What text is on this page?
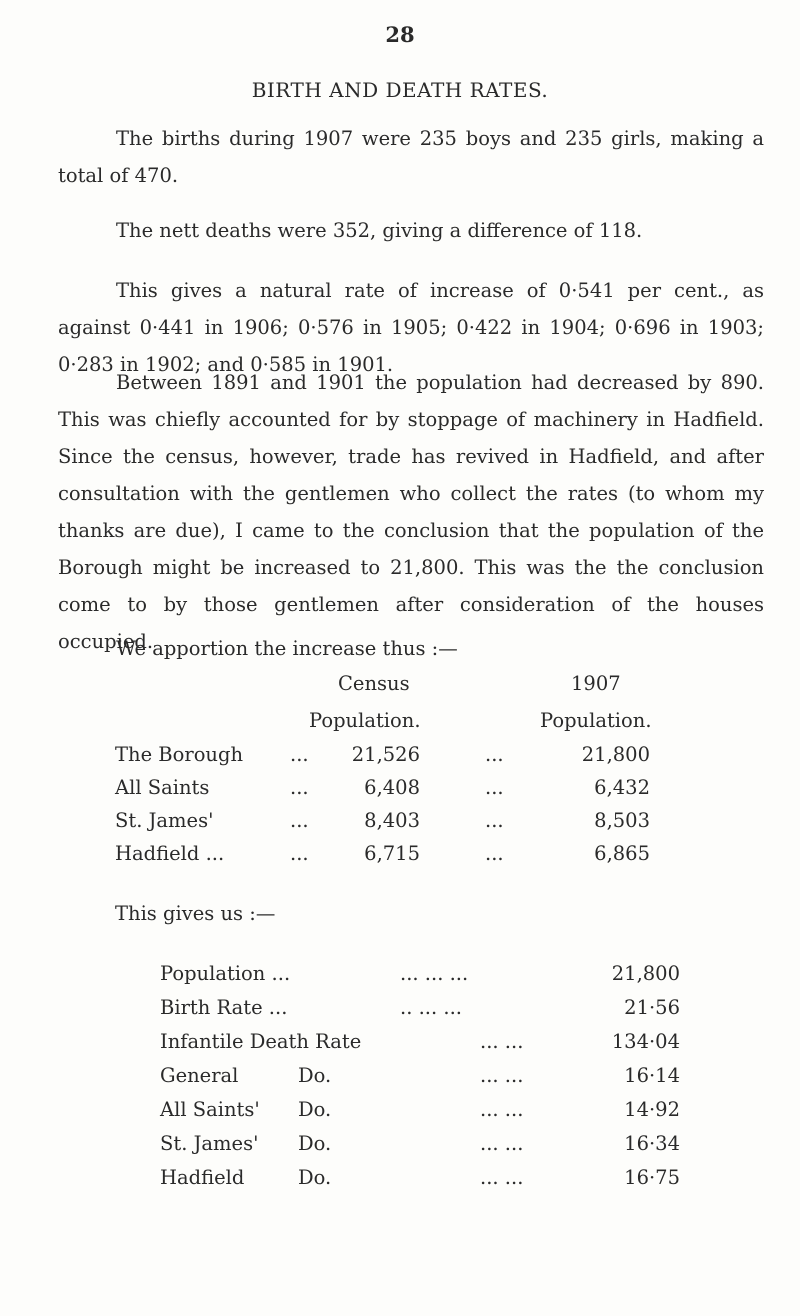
28
BIRTH AND DEATH RATES.

The births during 1907 were 235 boys and 235 girls, making a total of 470.

The nett deaths were 352, giving a difference of 118.

This gives a natural rate of increase of 0·541 per cent., as against 0·441 in 1906; 0·576 in 1905; 0·422 in 1904; 0·696 in 1903; 0·283 in 1902; and 0·585 in 1901.

Between 1891 and 1901 the population had decreased by 890. This was chiefly accounted for by stoppage of machinery in Hadfield. Since the census, however, trade has revived in Hadfield, and after consultation with the gentlemen who collect the rates (to whom my thanks are due), I came to the conclusion that the population of the Borough might be increased to 21,800. This was the the conclusion come to by those gentlemen after consideration of the houses occupied.

We apportion the increase thus :—

Census
Population.
1907
Population.
The Borough ...	21,526	...	21,800
All Saints	...	6,408	...	6,432
St. James'	...	8,403	...	8,503
Hadfield ...	...	6,715	...	6,865
This gives us :—
Population ...	... ... ...	21,800
Birth Rate ...	.. ... ...	21·56
Infantile Death Rate	... ...	134·04
General	Do.	... ...	16·14
All Saints' Do.	... ...	14·92
St. James' Do.	... ...	16·34
Hadfield	Do.	... ...	16·75
